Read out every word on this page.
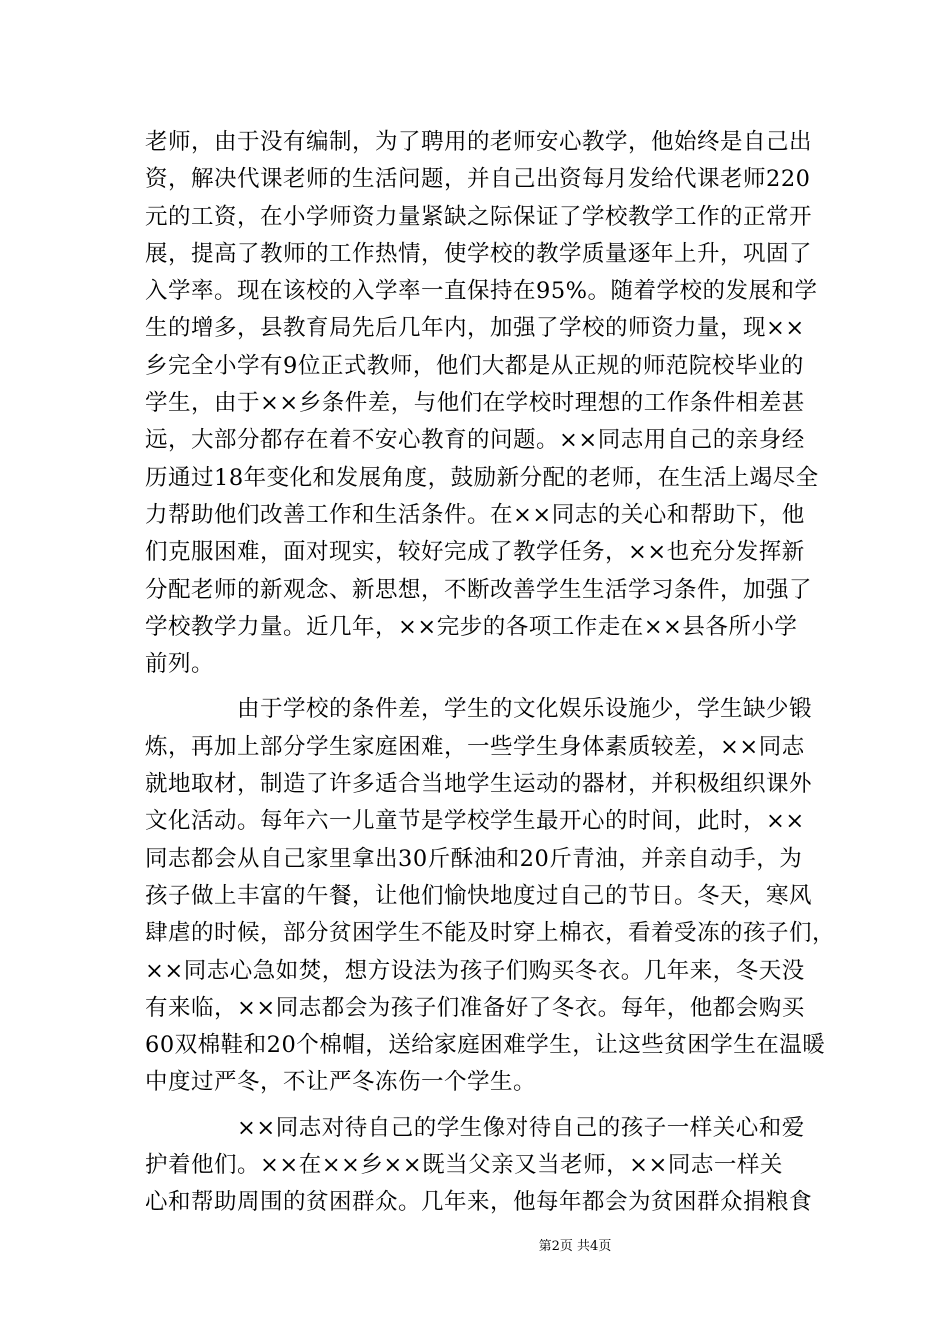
老师，由于没有编制，为了聘用的老师安心教学，他始终是自己出

资，解决代课老师的生活问题，并自己出资每月发给代课老师220

元的工资，在小学师资力量紧缺之际保证了学校教学工作的正常开

展，提高了教师的工作热情，使学校的教学质量逐年上升，巩固了

入学率。现在该校的入学率一直保持在95%。随着学校的发展和学

生的增多，县教育局先后几年内，加强了学校的师资力量，现××

乡完全小学有9位正式教师，他们大都是从正规的师范院校毕业的

学生，由于××乡条件差，与他们在学校时理想的工作条件相差甚

远，大部分都存在着不安心教育的问题。××同志用自己的亲身经

历通过18年变化和发展角度，鼓励新分配的老师，在生活上竭尽全

力帮助他们改善工作和生活条件。在××同志的关心和帮助下，他

们克服困难，面对现实，较好完成了教学任务，××也充分发挥新

分配老师的新观念、新思想，不断改善学生生活学习条件，加强了

学校教学力量。近几年，××完步的各项工作走在××县各所小学

前列。

由于学校的条件差，学生的文化娱乐设施少，学生缺少锻

炼，再加上部分学生家庭困难，一些学生身体素质较差，××同志

就地取材，制造了许多适合当地学生运动的器材，并积极组织课外

文化活动。每年六一儿童节是学校学生最开心的时间，此时，××

同志都会从自己家里拿出30斤酥油和20斤青油，并亲自动手，为

孩子做上丰富的午餐，让他们愉快地度过自己的节日。冬天，寒风

肆虐的时候，部分贫困学生不能及时穿上棉衣，看着受冻的孩子们，

××同志心急如焚，想方设法为孩子们购买冬衣。几年来，冬天没

有来临，××同志都会为孩子们准备好了冬衣。每年，他都会购买

60双棉鞋和20个棉帽，送给家庭困难学生，让这些贫困学生在温暖

中度过严冬，不让严冬冻伤一个学生。

××同志对待自己的学生像对待自己的孩子一样关心和爱

护着他们。××在××乡××既当父亲又当老师，××同志一样关

心和帮助周围的贫困群众。几年来，他每年都会为贫困群众捐粮食

第2页 共4页
